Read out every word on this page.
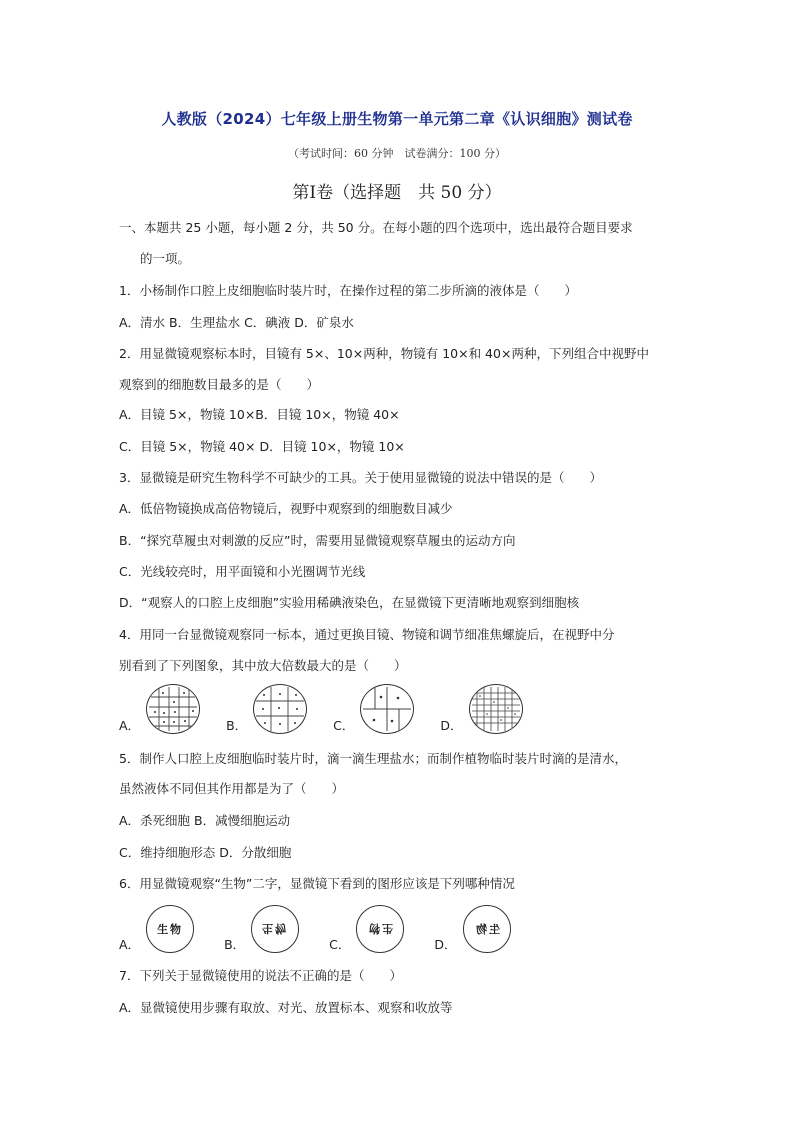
人教版（2024）七年级上册生物第一单元第二章《认识细胞》测试卷
（考试时间：60 分钟　试卷满分：100 分）
第Ⅰ卷（选择题　共 50 分）
一、本题共 25 小题，每小题 2 分，共 50 分。在每小题的四个选项中，选出最符合题目要求
的一项。
1．小杨制作口腔上皮细胞临时装片时，在操作过程的第二步所滴的液体是（　　）
A．清水 B．生理盐水 C．碘液 D．矿泉水
2．用显微镜观察标本时，目镜有 5×、10×两种，物镜有 10×和 40×两种，下列组合中视野中
观察到的细胞数目最多的是（　　）
A．目镜 5×，物镜 10×B．目镜 10×，物镜 40×
C．目镜 5×，物镜 40× D．目镜 10×，物镜 10×
3．显微镜是研究生物科学不可缺少的工具。关于使用显微镜的说法中错误的是（　　）
A．低倍物镜换成高倍物镜后，视野中观察到的细胞数目减少
B．“探究草履虫对刺激的反应”时，需要用显微镜观察草履虫的运动方向
C．光线较亮时，用平面镜和小光圈调节光线
D．“观察人的口腔上皮细胞”实验用稀碘液染色，在显微镜下更清晰地观察到细胞核
4．用同一台显微镜观察同一标本，通过更换目镜、物镜和调节细准焦螺旋后，在视野中分
别看到了下列图象，其中放大倍数最大的是（　　）
A．	B．	C．	D．
5．制作人口腔上皮细胞临时装片时，滴一滴生理盐水；而制作植物临时装片时滴的是清水，
虽然液体不同但其作用都是为了（　　）
A．杀死细胞 B．减慢细胞运动
C．维持细胞形态 D．分散细胞
6．用显微镜观察“生物”二字，显微镜下看到的图形应该是下列哪种情况
A．
生物
B．
生物
C．
生物
D．
生物
7．下列关于显微镜使用的说法不正确的是（　　）
A．显微镜使用步骤有取放、对光、放置标本、观察和收放等
